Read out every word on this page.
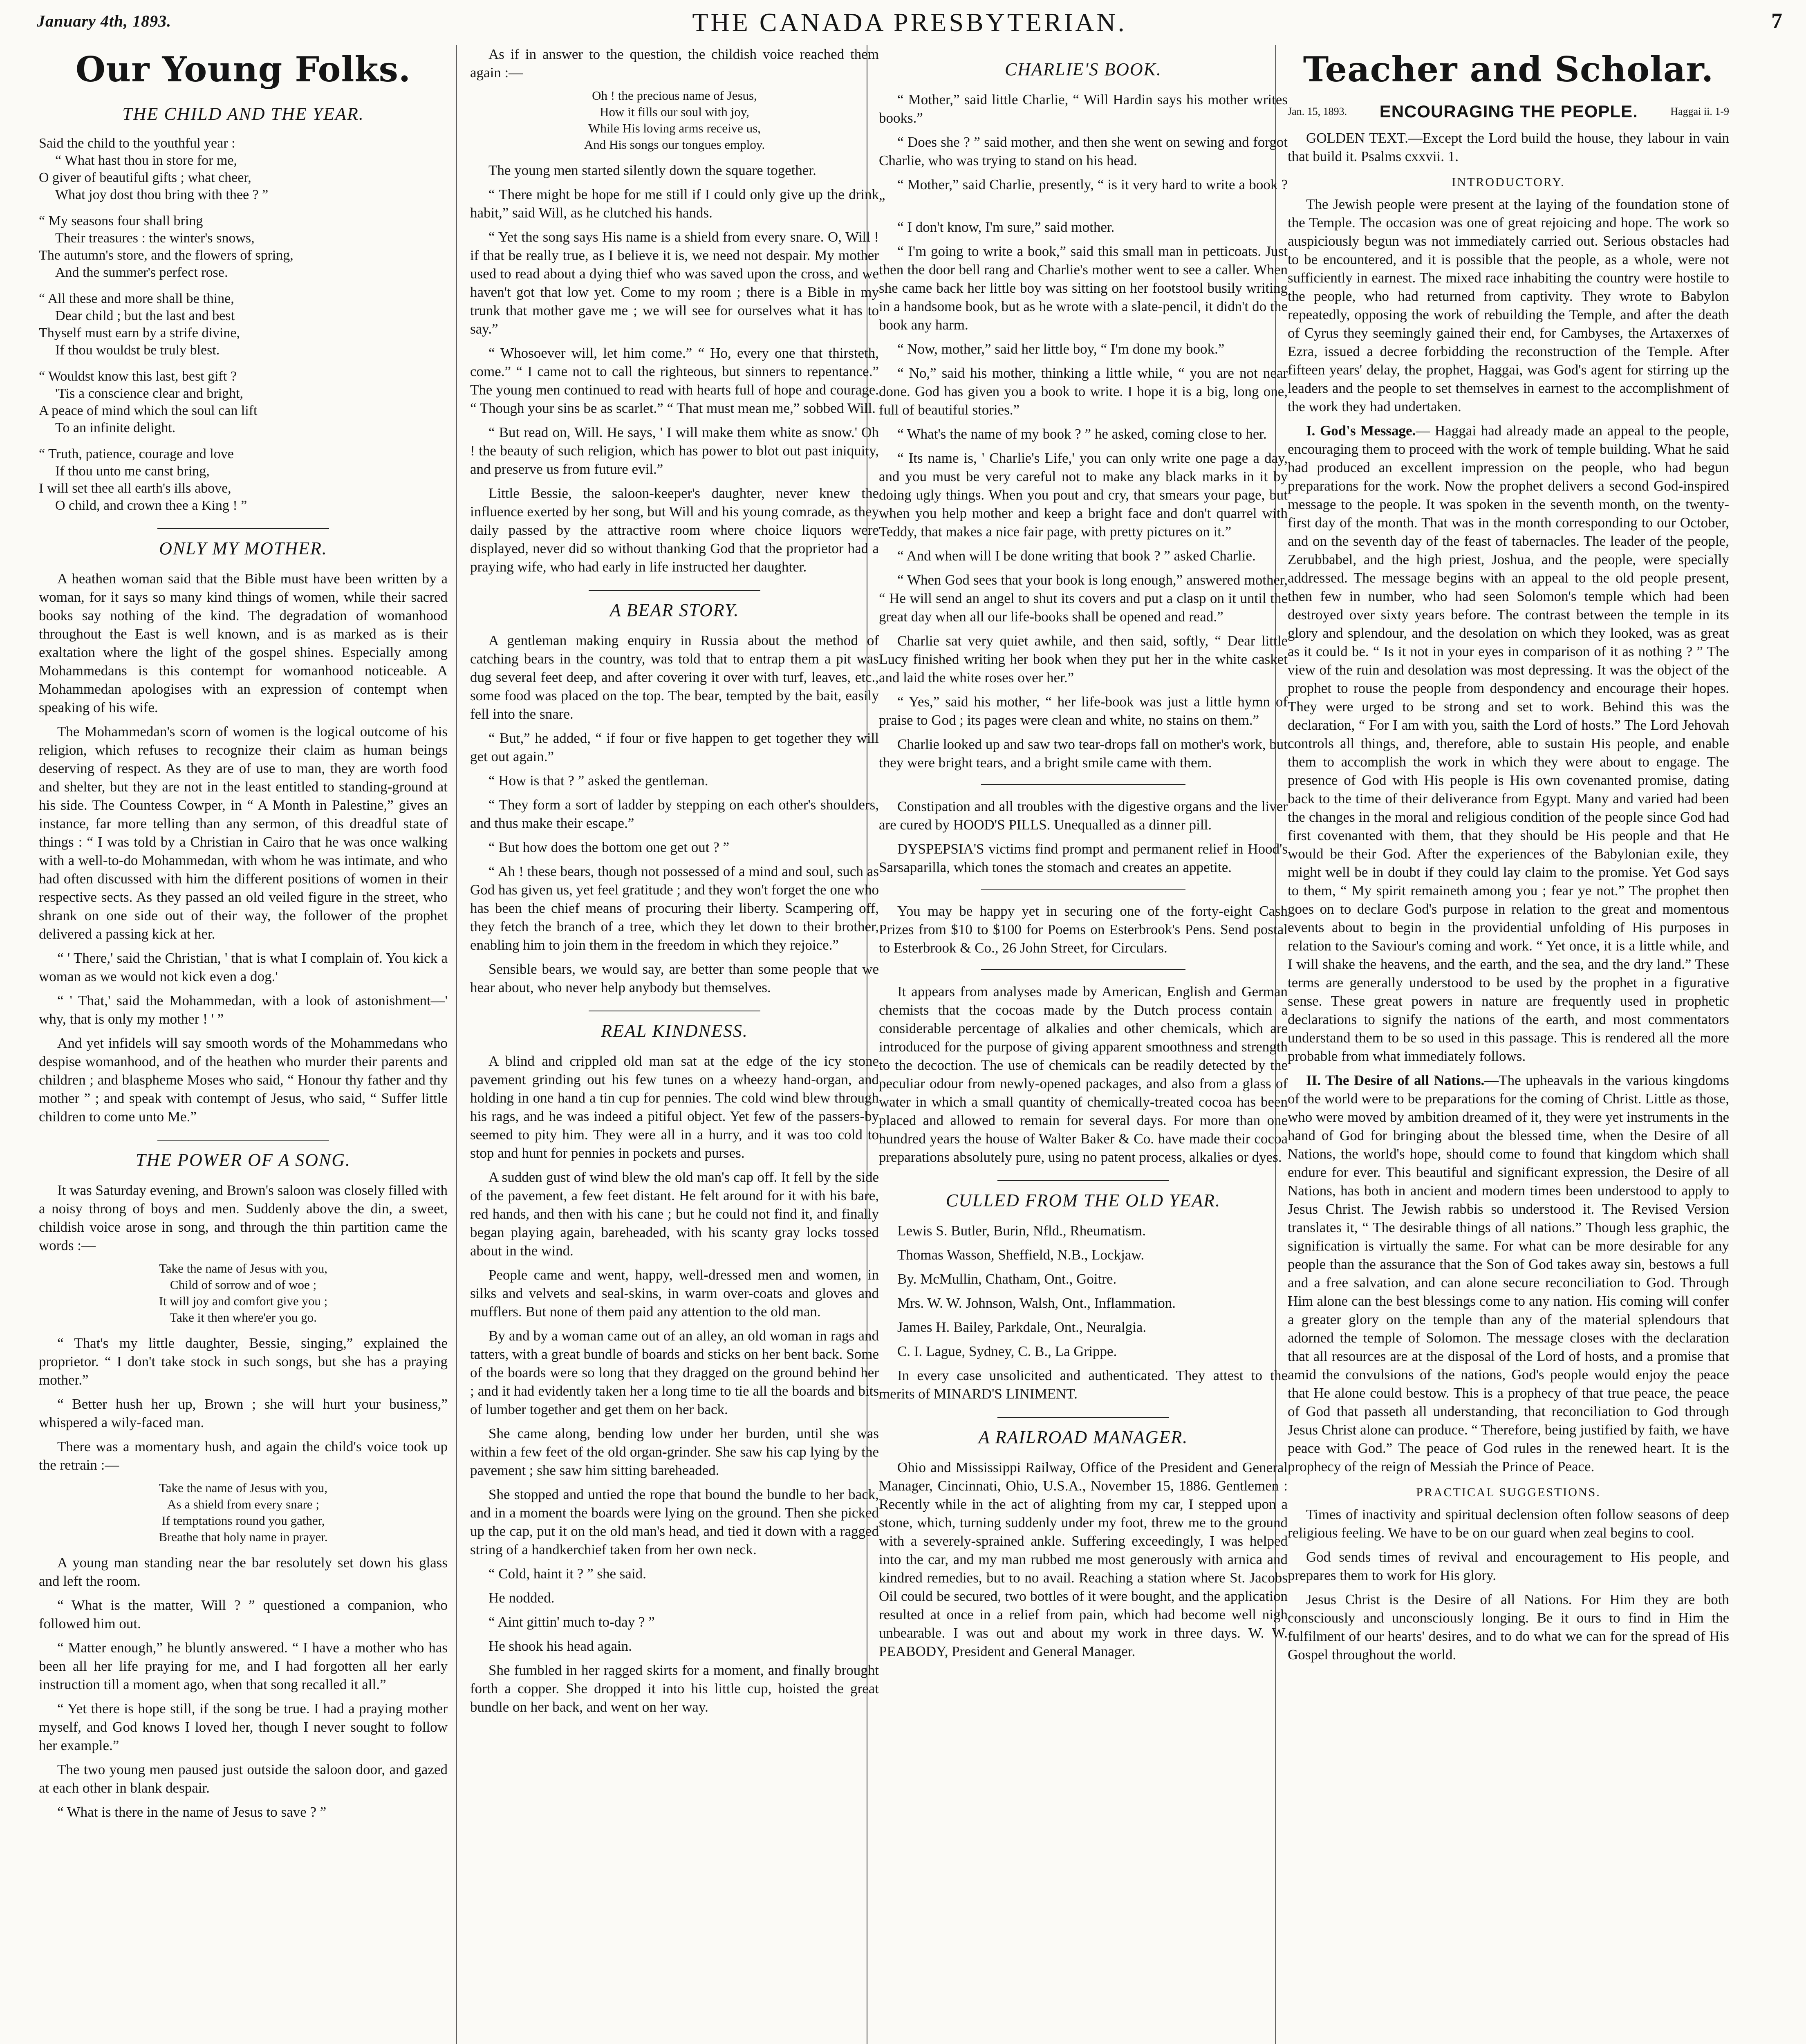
January 4th, 1893.	THE CANADA PRESBYTERIAN.	7
Our Young Folks.
THE CHILD AND THE YEAR.
Said the child to the youthful year :
“ What hast thou in store for me,
O giver of beautiful gifts ; what cheer,
What joy dost thou bring with thee ? ”
“ My seasons four shall bring
Their treasures : the winter's snows,
The autumn's store, and the flowers of spring,
And the summer's perfect rose.
“ All these and more shall be thine,
Dear child ; but the last and best
Thyself must earn by a strife divine,
If thou wouldst be truly blest.
“ Wouldst know this last, best gift ?
'Tis a conscience clear and bright,
A peace of mind which the soul can lift
To an infinite delight.
“ Truth, patience, courage and love
If thou unto me canst bring,
I will set thee all earth's ills above,
O child, and crown thee a King ! ”
ONLY MY MOTHER.

A heathen woman said that the Bible must have been written by a woman, for it says so many kind things of women, while their sacred books say nothing of the kind. The degradation of womanhood throughout the East is well known, and is as marked as is their exaltation where the light of the gospel shines. Especially among Mohammedans is this contempt for womanhood noticeable. A Mohammedan apologises with an expression of contempt when speaking of his wife.

The Mohammedan's scorn of women is the logical outcome of his religion, which refuses to recognize their claim as human beings deserving of respect. As they are of use to man, they are worth food and shelter, but they are not in the least entitled to standing-ground at his side. The Countess Cowper, in “ A Month in Palestine,” gives an instance, far more telling than any sermon, of this dreadful state of things : “ I was told by a Christian in Cairo that he was once walking with a well-to-do Mohammedan, with whom he was intimate, and who had often discussed with him the different positions of women in their respective sects. As they passed an old veiled figure in the street, who shrank on one side out of their way, the follower of the prophet delivered a passing kick at her.

“ ' There,' said the Christian, ' that is what I complain of. You kick a woman as we would not kick even a dog.'

“ ' That,' said the Mohammedan, with a look of astonishment—' why, that is only my mother ! ' ”

And yet infidels will say smooth words of the Mohammedans who despise womanhood, and of the heathen who murder their parents and children ; and blaspheme Moses who said, “ Honour thy father and thy mother ” ; and speak with contempt of Jesus, who said, “ Suffer little children to come unto Me.”

THE POWER OF A SONG.

It was Saturday evening, and Brown's saloon was closely filled with a noisy throng of boys and men. Suddenly above the din, a sweet, childish voice arose in song, and through the thin partition came the words :—

Take the name of Jesus with you,
Child of sorrow and of woe ;
It will joy and comfort give you ;
Take it then where'er you go.

“ That's my little daughter, Bessie, singing,” explained the proprietor. “ I don't take stock in such songs, but she has a praying mother.”

“ Better hush her up, Brown ; she will hurt your business,” whispered a wily-faced man.

There was a momentary hush, and again the child's voice took up the retrain :—

Take the name of Jesus with you,
As a shield from every snare ;
If temptations round you gather,
Breathe that holy name in prayer.

A young man standing near the bar resolutely set down his glass and left the room.

“ What is the matter, Will ? ” questioned a companion, who followed him out.

“ Matter enough,” he bluntly answered. “ I have a mother who has been all her life praying for me, and I had forgotten all her early instruction till a moment ago, when that song recalled it all.”

“ Yet there is hope still, if the song be true. I had a praying mother myself, and God knows I loved her, though I never sought to follow her example.”

The two young men paused just outside the saloon door, and gazed at each other in blank despair.

“ What is there in the name of Jesus to save ? ”

As if in answer to the question, the childish voice reached them again :—

Oh ! the precious name of Jesus,
How it fills our soul with joy,
While His loving arms receive us,
And His songs our tongues employ.

The young men started silently down the square together.

“ There might be hope for me still if I could only give up the drink habit,” said Will, as he clutched his hands.

“ Yet the song says His name is a shield from every snare. O, Will ! if that be really true, as I believe it is, we need not despair. My mother used to read about a dying thief who was saved upon the cross, and we haven't got that low yet. Come to my room ; there is a Bible in my trunk that mother gave me ; we will see for ourselves what it has to say.”

“ Whosoever will, let him come.” “ Ho, every one that thirsteth, come.” “ I came not to call the righteous, but sinners to repentance.” The young men continued to read with hearts full of hope and courage. “ Though your sins be as scarlet.” “ That must mean me,” sobbed Will.

“ But read on, Will. He says, ' I will make them white as snow.' Oh ! the beauty of such religion, which has power to blot out past iniquity, and preserve us from future evil.”

Little Bessie, the saloon-keeper's daughter, never knew the influence exerted by her song, but Will and his young comrade, as they daily passed by the attractive room where choice liquors were displayed, never did so without thanking God that the proprietor had a praying wife, who had early in life instructed her daughter.

A BEAR STORY.

A gentleman making enquiry in Russia about the method of catching bears in the country, was told that to entrap them a pit was dug several feet deep, and after covering it over with turf, leaves, etc., some food was placed on the top. The bear, tempted by the bait, easily fell into the snare.

“ But,” he added, “ if four or five happen to get together they will get out again.”

“ How is that ? ” asked the gentleman.

“ They form a sort of ladder by stepping on each other's shoulders, and thus make their escape.”

“ But how does the bottom one get out ? ”

“ Ah ! these bears, though not possessed of a mind and soul, such as God has given us, yet feel gratitude ; and they won't forget the one who has been the chief means of procuring their liberty. Scampering off, they fetch the branch of a tree, which they let down to their brother, enabling him to join them in the freedom in which they rejoice.”

Sensible bears, we would say, are better than some people that we hear about, who never help anybody but themselves.

REAL KINDNESS.

A blind and crippled old man sat at the edge of the icy stone pavement grinding out his few tunes on a wheezy hand-organ, and holding in one hand a tin cup for pennies. The cold wind blew through his rags, and he was indeed a pitiful object. Yet few of the passers-by seemed to pity him. They were all in a hurry, and it was too cold to stop and hunt for pennies in pockets and purses.

A sudden gust of wind blew the old man's cap off. It fell by the side of the pavement, a few feet distant. He felt around for it with his bare, red hands, and then with his cane ; but he could not find it, and finally began playing again, bareheaded, with his scanty gray locks tossed about in the wind.

People came and went, happy, well-dressed men and women, in silks and velvets and seal-skins, in warm over-coats and gloves and mufflers. But none of them paid any attention to the old man.

By and by a woman came out of an alley, an old woman in rags and tatters, with a great bundle of boards and sticks on her bent back. Some of the boards were so long that they dragged on the ground behind her ; and it had evidently taken her a long time to tie all the boards and bits of lumber together and get them on her back.

She came along, bending low under her burden, until she was within a few feet of the old organ-grinder. She saw his cap lying by the pavement ; she saw him sitting bareheaded.

She stopped and untied the rope that bound the bundle to her back, and in a moment the boards were lying on the ground. Then she picked up the cap, put it on the old man's head, and tied it down with a ragged string of a handkerchief taken from her own neck.

“ Cold, haint it ? ” she said.

He nodded.

“ Aint gittin' much to-day ? ”

He shook his head again.

She fumbled in her ragged skirts for a moment, and finally brought forth a copper. She dropped it into his little cup, hoisted the great bundle on her back, and went on her way.

CHARLIE'S BOOK.

“ Mother,” said little Charlie, “ Will Hardin says his mother writes books.”

“ Does she ? ” said mother, and then she went on sewing and forgot Charlie, who was trying to stand on his head.

“ Mother,” said Charlie, presently, “ is it very hard to write a book ? ”

“ I don't know, I'm sure,” said mother.

“ I'm going to write a book,” said this small man in petticoats. Just then the door bell rang and Charlie's mother went to see a caller. When she came back her little boy was sitting on her footstool busily writing in a handsome book, but as he wrote with a slate-pencil, it didn't do the book any harm.

“ Now, mother,” said her little boy, “ I'm done my book.”

“ No,” said his mother, thinking a little while, “ you are not near done. God has given you a book to write. I hope it is a big, long one, full of beautiful stories.”

“ What's the name of my book ? ” he asked, coming close to her.

“ Its name is, ' Charlie's Life,' you can only write one page a day, and you must be very careful not to make any black marks in it by doing ugly things. When you pout and cry, that smears your page, but when you help mother and keep a bright face and don't quarrel with Teddy, that makes a nice fair page, with pretty pictures on it.”

“ And when will I be done writing that book ? ” asked Charlie.

“ When God sees that your book is long enough,” answered mother, “ He will send an angel to shut its covers and put a clasp on it until the great day when all our life-books shall be opened and read.”

Charlie sat very quiet awhile, and then said, softly, “ Dear little Lucy finished writing her book when they put her in the white casket and laid the white roses over her.”

“ Yes,” said his mother, “ her life-book was just a little hymn of praise to God ; its pages were clean and white, no stains on them.”

Charlie looked up and saw two tear-drops fall on mother's work, but they were bright tears, and a bright smile came with them.

Constipation and all troubles with the digestive organs and the liver are cured by HOOD'S PILLS. Unequalled as a dinner pill.

DYSPEPSIA'S victims find prompt and permanent relief in Hood's Sarsaparilla, which tones the stomach and creates an appetite.

You may be happy yet in securing one of the forty-eight Cash Prizes from $10 to $100 for Poems on Esterbrook's Pens. Send postal to Esterbrook & Co., 26 John Street, for Circulars.

It appears from analyses made by American, English and German chemists that the cocoas made by the Dutch process contain a considerable percentage of alkalies and other chemicals, which are introduced for the purpose of giving apparent smoothness and strength to the decoction. The use of chemicals can be readily detected by the peculiar odour from newly-opened packages, and also from a glass of water in which a small quantity of chemically-treated cocoa has been placed and allowed to remain for several days. For more than one hundred years the house of Walter Baker & Co. have made their cocoa preparations absolutely pure, using no patent process, alkalies or dyes.

CULLED FROM THE OLD YEAR.

Lewis S. Butler, Burin, Nfld., Rheumatism.

Thomas Wasson, Sheffield, N.B., Lockjaw.

By. McMullin, Chatham, Ont., Goitre.

Mrs. W. W. Johnson, Walsh, Ont., Inflammation.

James H. Bailey, Parkdale, Ont., Neuralgia.

C. I. Lague, Sydney, C. B., La Grippe.

In every case unsolicited and authenticated. They attest to the merits of MINARD'S LINIMENT.

A RAILROAD MANAGER.

Ohio and Mississippi Railway, Office of the President and General Manager, Cincinnati, Ohio, U.S.A., November 15, 1886. Gentlemen : Recently while in the act of alighting from my car, I stepped upon a stone, which, turning suddenly under my foot, threw me to the ground with a severely-sprained ankle. Suffering exceedingly, I was helped into the car, and my man rubbed me most generously with arnica and kindred remedies, but to no avail. Reaching a station where St. Jacobs Oil could be secured, two bottles of it were bought, and the application resulted at once in a relief from pain, which had become well nigh unbearable. I was out and about my work in three days. W. W. PEABODY, President and General Manager.

Teacher and Scholar.
Jan. 15, 1893. ENCOURAGING THE PEOPLE.	Haggai ii. 1-9

GOLDEN TEXT.—Except the Lord build the house, they labour in vain that build it. Psalms cxxvii. 1.

INTRODUCTORY.

The Jewish people were present at the laying of the foundation stone of the Temple. The occasion was one of great rejoicing and hope. The work so auspiciously begun was not immediately carried out. Serious obstacles had to be encountered, and it is possible that the people, as a whole, were not sufficiently in earnest. The mixed race inhabiting the country were hostile to the people, who had returned from captivity. They wrote to Babylon repeatedly, opposing the work of rebuilding the Temple, and after the death of Cyrus they seemingly gained their end, for Cambyses, the Artaxerxes of Ezra, issued a decree forbidding the reconstruction of the Temple. After fifteen years' delay, the prophet, Haggai, was God's agent for stirring up the leaders and the people to set themselves in earnest to the accomplishment of the work they had undertaken.

I. God's Message.— Haggai had already made an appeal to the people, encouraging them to proceed with the work of temple building. What he said had produced an excellent impression on the people, who had begun preparations for the work. Now the prophet delivers a second God-inspired message to the people. It was spoken in the seventh month, on the twenty-first day of the month. That was in the month corresponding to our October, and on the seventh day of the feast of tabernacles. The leader of the people, Zerubbabel, and the high priest, Joshua, and the people, were specially addressed. The message begins with an appeal to the old people present, then few in number, who had seen Solomon's temple which had been destroyed over sixty years before. The contrast between the temple in its glory and splendour, and the desolation on which they looked, was as great as it could be. “ Is it not in your eyes in comparison of it as nothing ? ” The view of the ruin and desolation was most depressing. It was the object of the prophet to rouse the people from despondency and encourage their hopes. They were urged to be strong and set to work. Behind this was the declaration, “ For I am with you, saith the Lord of hosts.” The Lord Jehovah controls all things, and, therefore, able to sustain His people, and enable them to accomplish the work in which they were about to engage. The presence of God with His people is His own covenanted promise, dating back to the time of their deliverance from Egypt. Many and varied had been the changes in the moral and religious condition of the people since God had first covenanted with them, that they should be His people and that He would be their God. After the experiences of the Babylonian exile, they might well be in doubt if they could lay claim to the promise. Yet God says to them, “ My spirit remaineth among you ; fear ye not.” The prophet then goes on to declare God's purpose in relation to the great and momentous events about to begin in the providential unfolding of His purposes in relation to the Saviour's coming and work. “ Yet once, it is a little while, and I will shake the heavens, and the earth, and the sea, and the dry land.” These terms are generally understood to be used by the prophet in a figurative sense. These great powers in nature are frequently used in prophetic declarations to signify the nations of the earth, and most commentators understand them to be so used in this passage. This is rendered all the more probable from what immediately follows.

II. The Desire of all Nations.—The upheavals in the various kingdoms of the world were to be preparations for the coming of Christ. Little as those, who were moved by ambition dreamed of it, they were yet instruments in the hand of God for bringing about the blessed time, when the Desire of all Nations, the world's hope, should come to found that kingdom which shall endure for ever. This beautiful and significant expression, the Desire of all Nations, has both in ancient and modern times been understood to apply to Jesus Christ. The Jewish rabbis so understood it. The Revised Version translates it, “ The desirable things of all nations.” Though less graphic, the signification is virtually the same. For what can be more desirable for any people than the assurance that the Son of God takes away sin, bestows a full and a free salvation, and can alone secure reconciliation to God. Through Him alone can the best blessings come to any nation. His coming will confer a greater glory on the temple than any of the material splendours that adorned the temple of Solomon. The message closes with the declaration that all resources are at the disposal of the Lord of hosts, and a promise that amid the convulsions of the nations, God's people would enjoy the peace that He alone could bestow. This is a prophecy of that true peace, the peace of God that passeth all understanding, that reconciliation to God through Jesus Christ alone can produce. “ Therefore, being justified by faith, we have peace with God.” The peace of God rules in the renewed heart. It is the prophecy of the reign of Messiah the Prince of Peace.

PRACTICAL SUGGESTIONS.

Times of inactivity and spiritual declension often follow seasons of deep religious feeling. We have to be on our guard when zeal begins to cool.

God sends times of revival and encouragement to His people, and prepares them to work for His glory.

Jesus Christ is the Desire of all Nations. For Him they are both consciously and unconsciously longing. Be it ours to find in Him the fulfilment of our hearts' desires, and to do what we can for the spread of His Gospel throughout the world.
